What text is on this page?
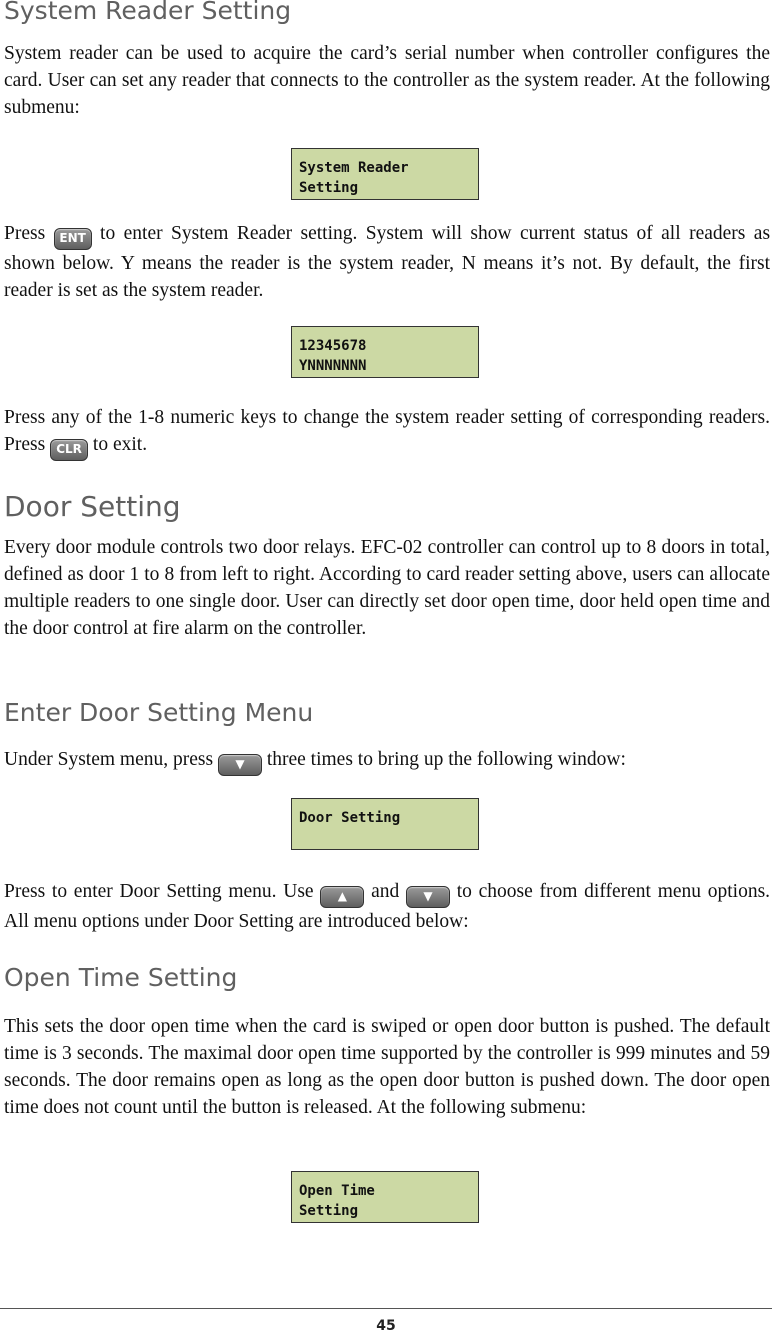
System Reader Setting

System reader can be used to acquire the card’s serial number when controller configures the card. User can set any reader that connects to the controller as the system reader. At the following submenu:

System Reader
Setting

Press ENT to enter System Reader setting. System will show current status of all readers as shown below. Y means the reader is the system reader, N means it’s not. By default, the first reader is set as the system reader.

12345678
YNNNNNNN

Press any of the 1-8 numeric keys to change the system reader setting of corresponding readers. Press CLR to exit.

Door Setting

Every door module controls two door relays. EFC-02 controller can control up to 8 doors in total, defined as door 1 to 8 from left to right. According to card reader setting above, users can allocate multiple readers to one single door. User can directly set door open time, door held open time and the door control at fire alarm on the controller.

Enter Door Setting Menu

Under System menu, press ▼ three times to bring up the following window:

Door Setting

Press to enter Door Setting menu. Use ▲ and ▼ to choose from different menu options. All menu options under Door Setting are introduced below:

Open Time Setting

This sets the door open time when the card is swiped or open door button is pushed. The default time is 3 seconds. The maximal door open time supported by the controller is 999 minutes and 59 seconds. The door remains open as long as the open door button is pushed down. The door open time does not count until the button is released. At the following submenu:

Open Time
Setting
45
